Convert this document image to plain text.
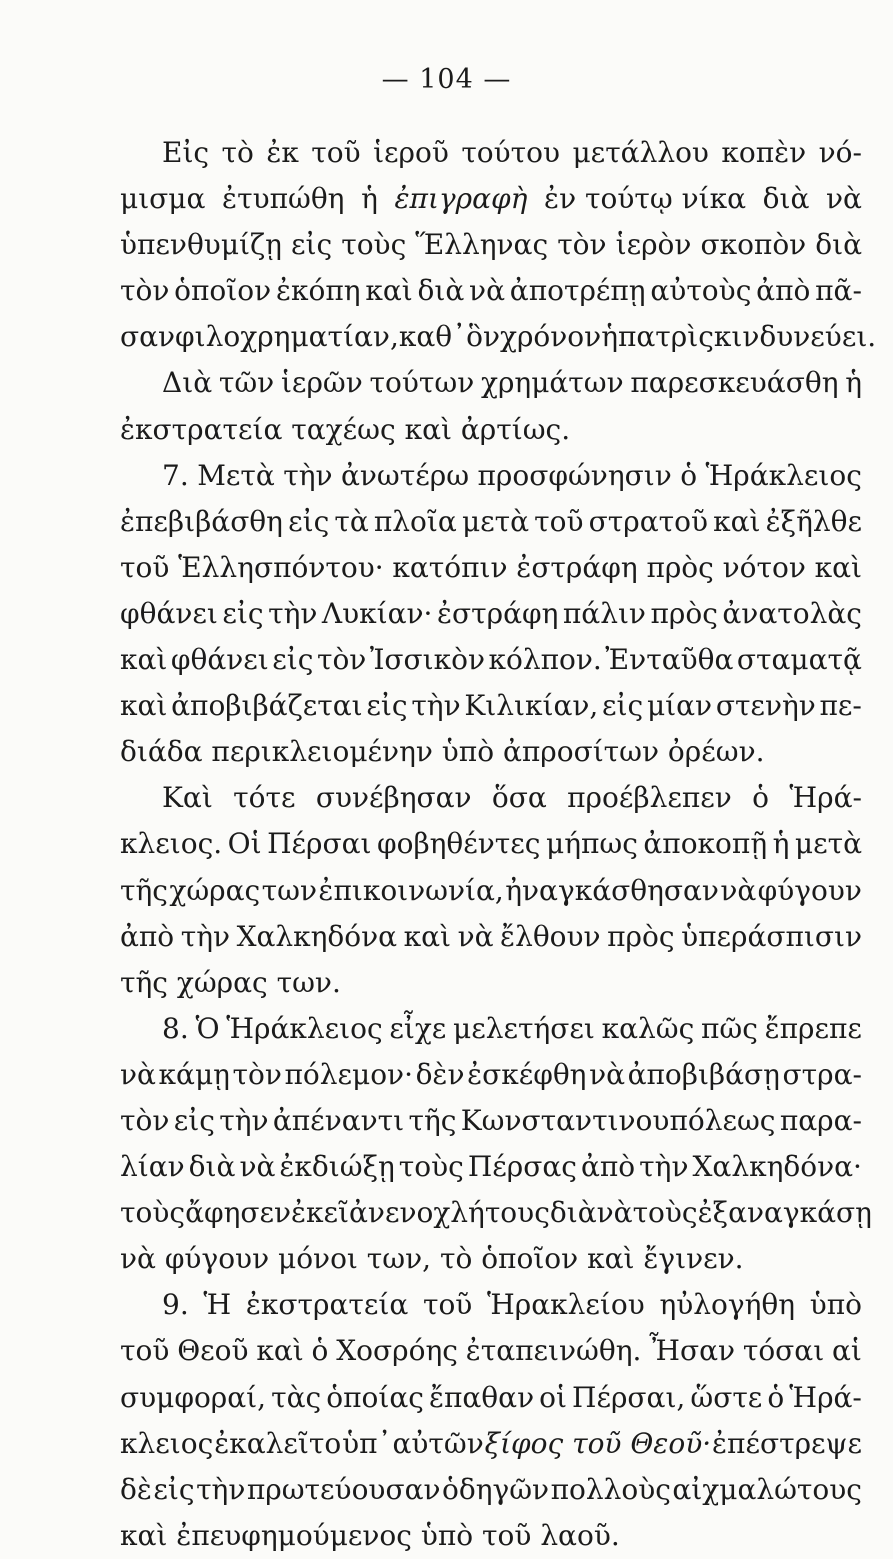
— 104 —
Εἰς τὸ ἐκ τοῦ ἱεροῦ τούτου μετάλλου κοπὲν νό-
μισμα ἐτυπώθη ἡ ἐπιγραφὴ ἐν τούτῳ νίκα διὰ νὰ
ὑπενθυμίζῃ εἰς τοὺς Ἕλληνας τὸν ἱερὸν σκοπὸν διὰ
τὸν ὁποῖον ἐκόπη καὶ διὰ νὰ ἀποτρέπῃ αὐτοὺς ἀπὸ πᾶ-
σαν φιλοχρηματίαν, καθ᾽ ὃν χρόνον ἡ πατρὶς κινδυνεύει.
Διὰ τῶν ἱερῶν τούτων χρημάτων παρεσκευάσθη ἡ
ἐκστρατεία ταχέως καὶ ἀρτίως.
7. Μετὰ τὴν ἀνωτέρω προσφώνησιν ὁ Ἡράκλειος
ἐπεβιβάσθη εἰς τὰ πλοῖα μετὰ τοῦ στρατοῦ καὶ ἐξῆλθε
τοῦ Ἑλλησπόντου· κατόπιν ἐστράφη πρὸς νότον καὶ
φθάνει εἰς τὴν Λυκίαν· ἐστράφη πάλιν πρὸς ἀνατολὰς
καὶ φθάνει εἰς τὸν Ἰσσικὸν κόλπον. Ἐνταῦθα σταματᾷ
καὶ ἀποβιβάζεται εἰς τὴν Κιλικίαν, εἰς μίαν στενὴν πε-
διάδα περικλειομένην ὑπὸ ἀπροσίτων ὀρέων.
Καὶ τότε συνέβησαν ὅσα προέβλεπεν ὁ Ἡρά-
κλειος. Οἱ Πέρσαι φοβηθέντες μήπως ἀποκοπῇ ἡ μετὰ
τῆς χώρας των ἐπικοινωνία, ἠναγκάσθησαν νὰ φύγουν
ἀπὸ τὴν Χαλκηδόνα καὶ νὰ ἔλθουν πρὸς ὑπεράσπισιν
τῆς χώρας των.
8. Ὁ Ἡράκλειος εἶχε μελετήσει καλῶς πῶς ἔπρεπε
νὰ κάμῃ τὸν πόλεμον· δὲν ἐσκέφθη νὰ ἀποβιβάσῃ στρα-
τὸν εἰς τὴν ἀπέναντι τῆς Κωνσταντινουπόλεως παρα-
λίαν διὰ νὰ ἐκδιώξῃ τοὺς Πέρσας ἀπὸ τὴν Χαλκηδόνα·
τοὺς ἄφησεν ἐκεῖ ἀνενοχλήτους διὰ νὰ τοὺς ἐξαναγκάσῃ
νὰ φύγουν μόνοι των, τὸ ὁποῖον καὶ ἔγινεν.
9. Ἡ ἐκστρατεία τοῦ Ἡρακλείου ηὐλογήθη ὑπὸ
τοῦ Θεοῦ καὶ ὁ Χοσρόης ἐταπεινώθη. Ἦσαν τόσαι αἱ
συμφοραί, τὰς ὁποίας ἔπαθαν οἱ Πέρσαι, ὥστε ὁ Ἡρά-
κλειος ἐκαλεῖτο ὑπ᾽ αὐτῶν ξίφος τοῦ Θεοῦ· ἐπέστρεψε
δὲ εἰς τὴν πρωτεύουσαν ὁδηγῶν πολλοὺς αἰχμαλώτους
καὶ ἐπευφημούμενος ὑπὸ τοῦ λαοῦ.
